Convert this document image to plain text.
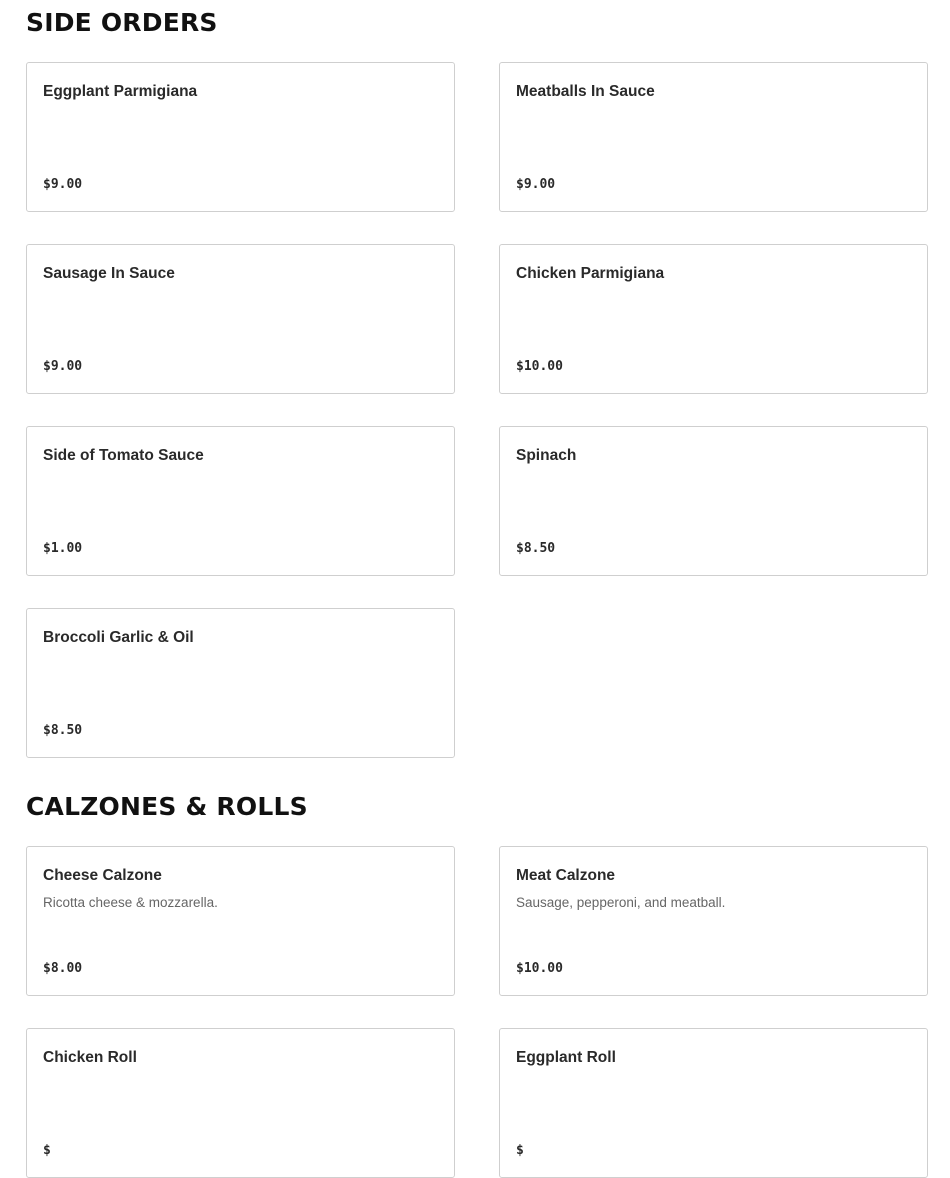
SIDE ORDERS
Eggplant Parmigiana
$9.00
Meatballs In Sauce
$9.00
Sausage In Sauce
$9.00
Chicken Parmigiana
$10.00
Side of Tomato Sauce
$1.00
Spinach
$8.50
Broccoli Garlic & Oil
$8.50
CALZONES & ROLLS
Cheese Calzone
Ricotta cheese & mozzarella.
$8.00
Meat Calzone
Sausage, pepperoni, and meatball.
$10.00
Chicken Roll
$
Eggplant Roll
$
